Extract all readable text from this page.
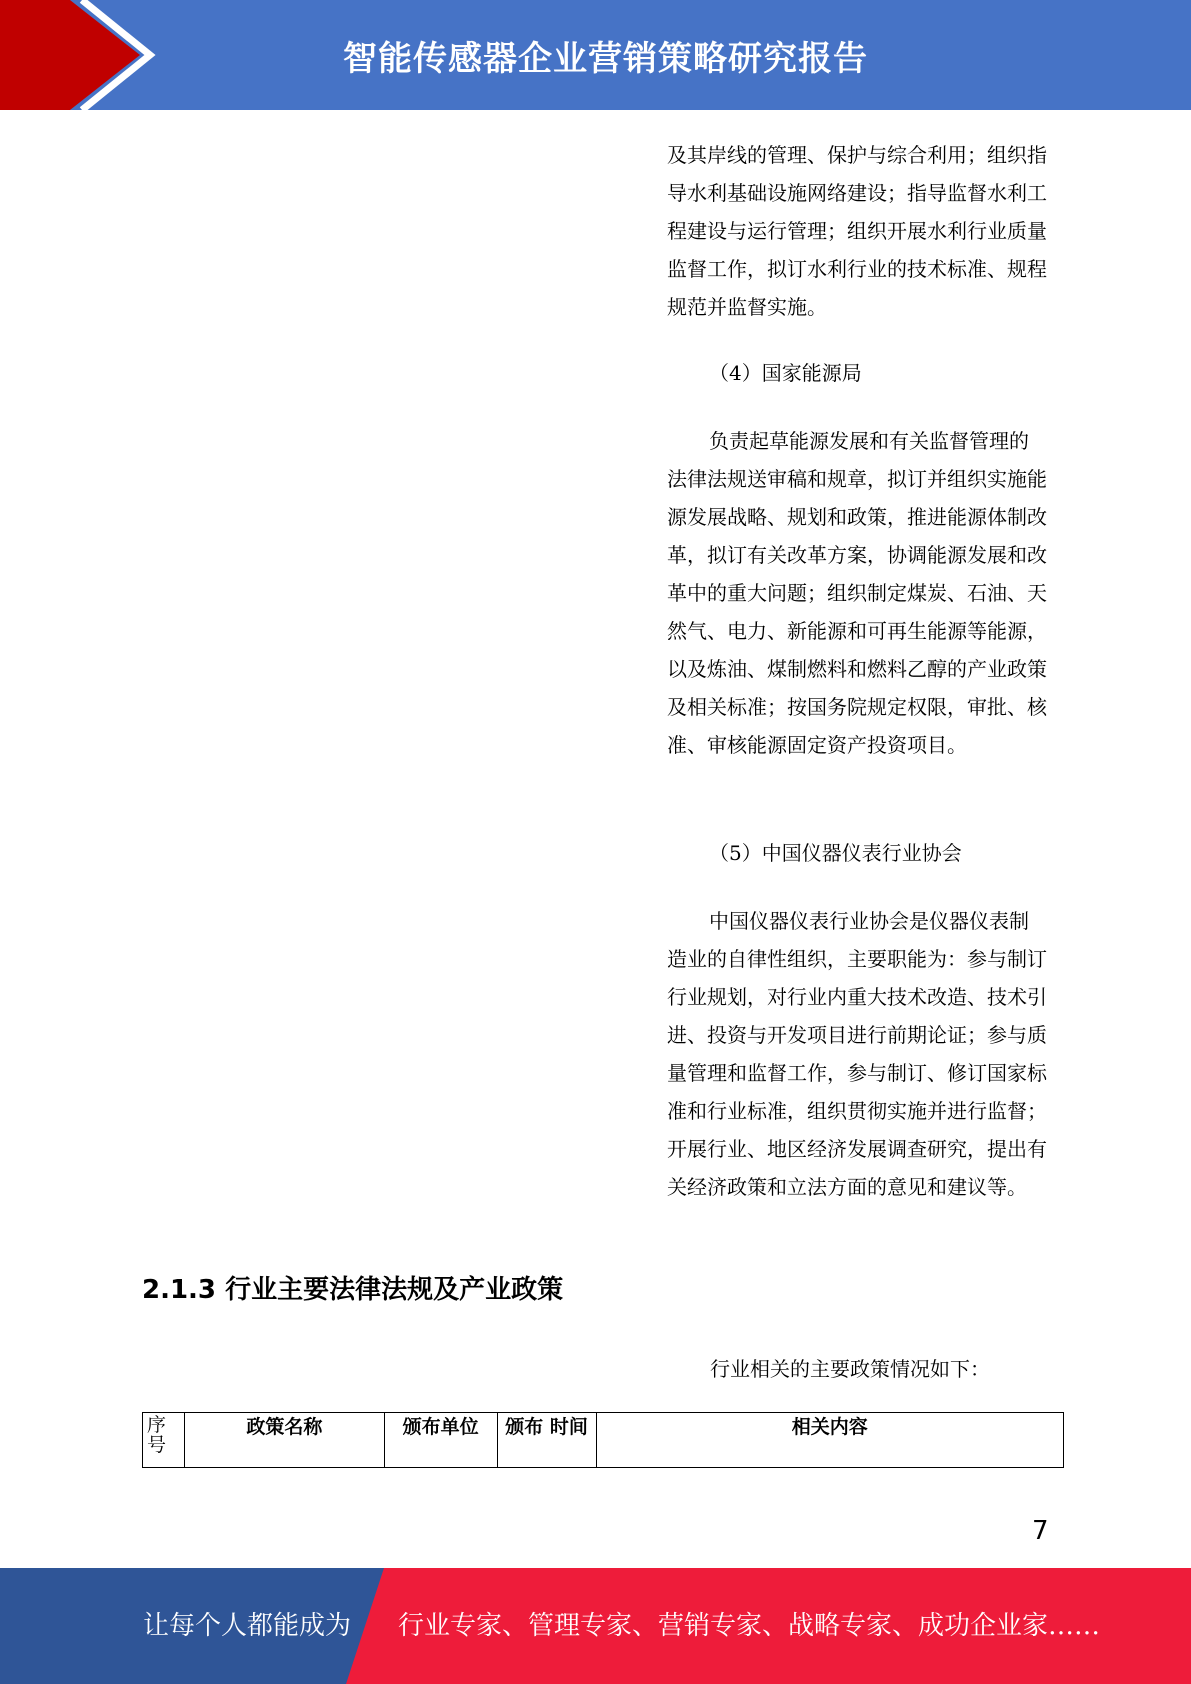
智能传感器企业营销策略研究报告

及其岸线的管理、保护与综合利用；组织指导水利基础设施网络建设；指导监督水利工程建设与运行管理；组织开展水利行业质量监督工作，拟订水利行业的技术标准、规程规范并监督实施。

（4）国家能源局

负责起草能源发展和有关监督管理的法律法规送审稿和规章，拟订并组织实施能源发展战略、规划和政策，推进能源体制改革，拟订有关改革方案，协调能源发展和改革中的重大问题；组织制定煤炭、石油、天然气、电力、新能源和可再生能源等能源，以及炼油、煤制燃料和燃料乙醇的产业政策及相关标准；按国务院规定权限，审批、核准、审核能源固定资产投资项目。

（5）中国仪器仪表行业协会

中国仪器仪表行业协会是仪器仪表制造业的自律性组织，主要职能为：参与制订行业规划，对行业内重大技术改造、技术引进、投资与开发项目进行前期论证；参与质量管理和监督工作，参与制订、修订国家标准和行业标准，组织贯彻实施并进行监督；开展行业、地区经济发展调查研究，提出有关经济政策和立法方面的意见和建议等。

2.1.3 行业主要法律法规及产业政策
行业相关的主要政策情况如下：
序号	政策名称	颁布单位	颁布 时间	相关内容
7
让每个人都能成为 行业专家、管理专家、营销专家、战略专家、成功企业家……
